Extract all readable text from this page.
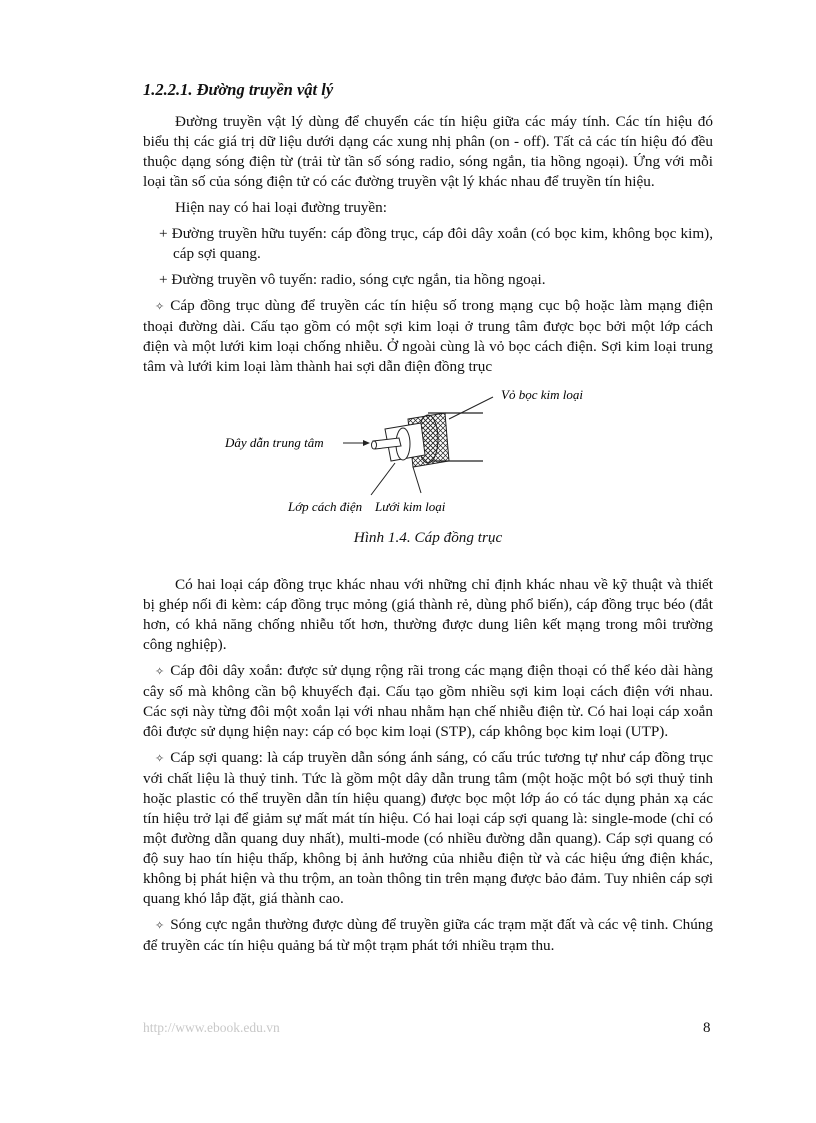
1.2.2.1. Đường truyền vật lý

Đường truyền vật lý dùng để chuyển các tín hiệu giữa các máy tính. Các tín hiệu đó biểu thị các giá trị dữ liệu dưới dạng các xung nhị phân (on - off). Tất cả các tín hiệu đó đều thuộc dạng sóng điện từ (trải từ tần số sóng radio, sóng ngắn, tia hồng ngoại). Ứng với mỗi loại tần số của sóng điện tử có các đường truyền vật lý khác nhau để truyền tín hiệu.

Hiện nay có hai loại đường truyền:

+ Đường truyền hữu tuyến: cáp đồng trục, cáp đôi dây xoắn (có bọc kim, không bọc kim), cáp sợi quang.

+ Đường truyền vô tuyến: radio, sóng cực ngắn, tia hồng ngoại.

✧ Cáp đồng trục dùng để truyền các tín hiệu số trong mạng cục bộ hoặc làm mạng điện thoại đường dài. Cấu tạo gồm có một sợi kim loại ở trung tâm được bọc bởi một lớp cách điện và một lưới kim loại chống nhiễu. Ở ngoài cùng là vỏ bọc cách điện. Sợi kim loại trung tâm và lưới kim loại làm thành hai sợi dẫn điện đồng trục

Vỏ bọc kim loại
Dây dẫn trung tâm
Lớp cách điện Lưới kim loại
Hình 1.4. Cáp đồng trục

Có hai loại cáp đồng trục khác nhau với những chỉ định khác nhau về kỹ thuật và thiết bị ghép nối đi kèm: cáp đồng trục mỏng (giá thành rẻ, dùng phổ biến), cáp đồng trục béo (đắt hơn, có khả năng chống nhiễu tốt hơn, thường được dung liên kết mạng trong môi trường công nghiệp).

✧ Cáp đôi dây xoắn: được sử dụng rộng rãi trong các mạng điện thoại có thể kéo dài hàng cây số mà không cần bộ khuyếch đại. Cấu tạo gồm nhiều sợi kim loại cách điện với nhau. Các sợi này từng đôi một xoắn lại với nhau nhằm hạn chế nhiễu điện từ. Có hai loại cáp xoắn đôi được sử dụng hiện nay: cáp có bọc kim loại (STP), cáp không bọc kim loại (UTP).

✧ Cáp sợi quang: là cáp truyền dẫn sóng ánh sáng, có cấu trúc tương tự như cáp đồng trục với chất liệu là thuỷ tinh. Tức là gồm một dây dẫn trung tâm (một hoặc một bó sợi thuỷ tinh hoặc plastic có thể truyền dẫn tín hiệu quang) được bọc một lớp áo có tác dụng phản xạ các tín hiệu trở lại để giảm sự mất mát tín hiệu. Có hai loại cáp sợi quang là: single-mode (chỉ có một đường dẫn quang duy nhất), multi-mode (có nhiều đường dẫn quang). Cáp sợi quang có độ suy hao tín hiệu thấp, không bị ảnh hưởng của nhiễu điện từ và các hiệu ứng điện khác, không bị phát hiện và thu trộm, an toàn thông tin trên mạng được bảo đảm. Tuy nhiên cáp sợi quang khó lắp đặt, giá thành cao.

✧ Sóng cực ngắn thường được dùng để truyền giữa các trạm mặt đất và các vệ tinh. Chúng để truyền các tín hiệu quảng bá từ một trạm phát tới nhiều trạm thu.

http://www.ebook.edu.vn	8
